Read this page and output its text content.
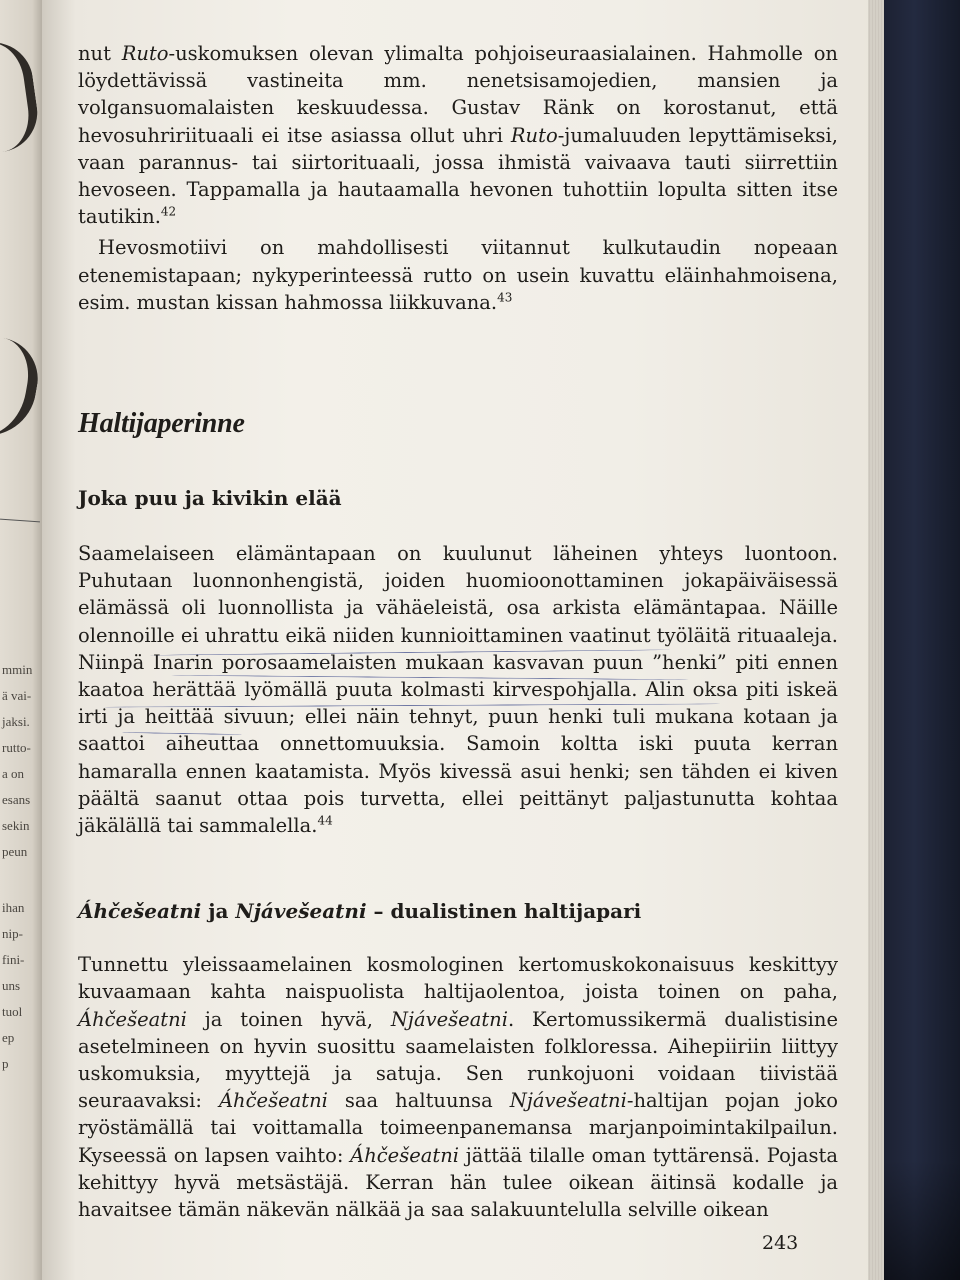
mmin
ä vai-
jaksi.
rutto-
a on
esans
sekin
peun
ihan
nip-
fini-
uns
tuol
ep
p

nut Ruto-uskomuksen olevan ylimalta pohjoiseuraasialainen. Hahmolle on löydettävissä vastineita mm. nenetsisamojedien, mansien ja volgansuomalaisten keskuudessa. Gustav Ränk on korostanut, että hevosuhririituaali ei itse asiassa ollut uhri Ruto-jumaluuden lepyttämiseksi, vaan parannus- tai siirtorituaali, jossa ihmistä vaivaava tauti siirrettiin hevoseen. Tappamalla ja hautaamalla hevonen tuhottiin lopulta sitten itse tautikin.$^{42}$

Hevosmotiivi on mahdollisesti viitannut kulkutaudin nopeaan etenemistapaan; nykyperinteessä rutto on usein kuvattu eläinhahmoisena, esim. mustan kissan hahmossa liikkuvana.$^{43}$

Haltijaperinne
Joka puu ja kivikin elää

Saamelaiseen elämäntapaan on kuulunut läheinen yhteys luontoon. Puhutaan luonnonhengistä, joiden huomioonottaminen jokapäiväisessä elämässä oli luonnollista ja vähäeleistä, osa arkista elämäntapaa. Näille olennoille ei uhrattu eikä niiden kunnioittaminen vaatinut työläitä rituaaleja. Niinpä Inarin porosaamelaisten mukaan kasvavan puun ”henki” piti ennen kaatoa herättää lyömällä puuta kolmasti kirvespohjalla. Alin oksa piti iskeä irti ja heittää sivuun; ellei näin tehnyt, puun henki tuli mukana kotaan ja saattoi aiheuttaa onnettomuuksia. Samoin koltta iski puuta kerran hamaralla ennen kaatamista. Myös kivessä asui henki; sen tähden ei kiven päältä saanut ottaa pois turvetta, ellei peittänyt paljastunutta kohtaa jäkälällä tai sammalella.$^{44}$

Áhčešeatni ja Njávešeatni – dualistinen haltijapari

Tunnettu yleissaamelainen kosmologinen kertomuskokonaisuus keskittyy kuvaamaan kahta naispuolista haltijaolentoa, joista toinen on paha, Áhčešeatni ja toinen hyvä, Njávešeatni. Kertomussikermä dualistisine asetelmineen on hyvin suosittu saamelaisten folkloressa. Aihepiiriin liittyy uskomuksia, myyttejä ja satuja. Sen runkojuoni voidaan tiivistää seuraavaksi: Áhčešeatni saa haltuunsa Njávešeatni-haltijan pojan joko ryöstämällä tai voittamalla toimeenpanemansa marjanpoimintakilpailun. Kyseessä on lapsen vaihto: Áhčešeatni jättää tilalle oman tyttärensä. Pojasta kehittyy hyvä metsästäjä. Kerran hän tulee oikean äitinsä kodalle ja havaitsee tämän näkevän nälkää ja saa salakuuntelulla selville oikean

243
